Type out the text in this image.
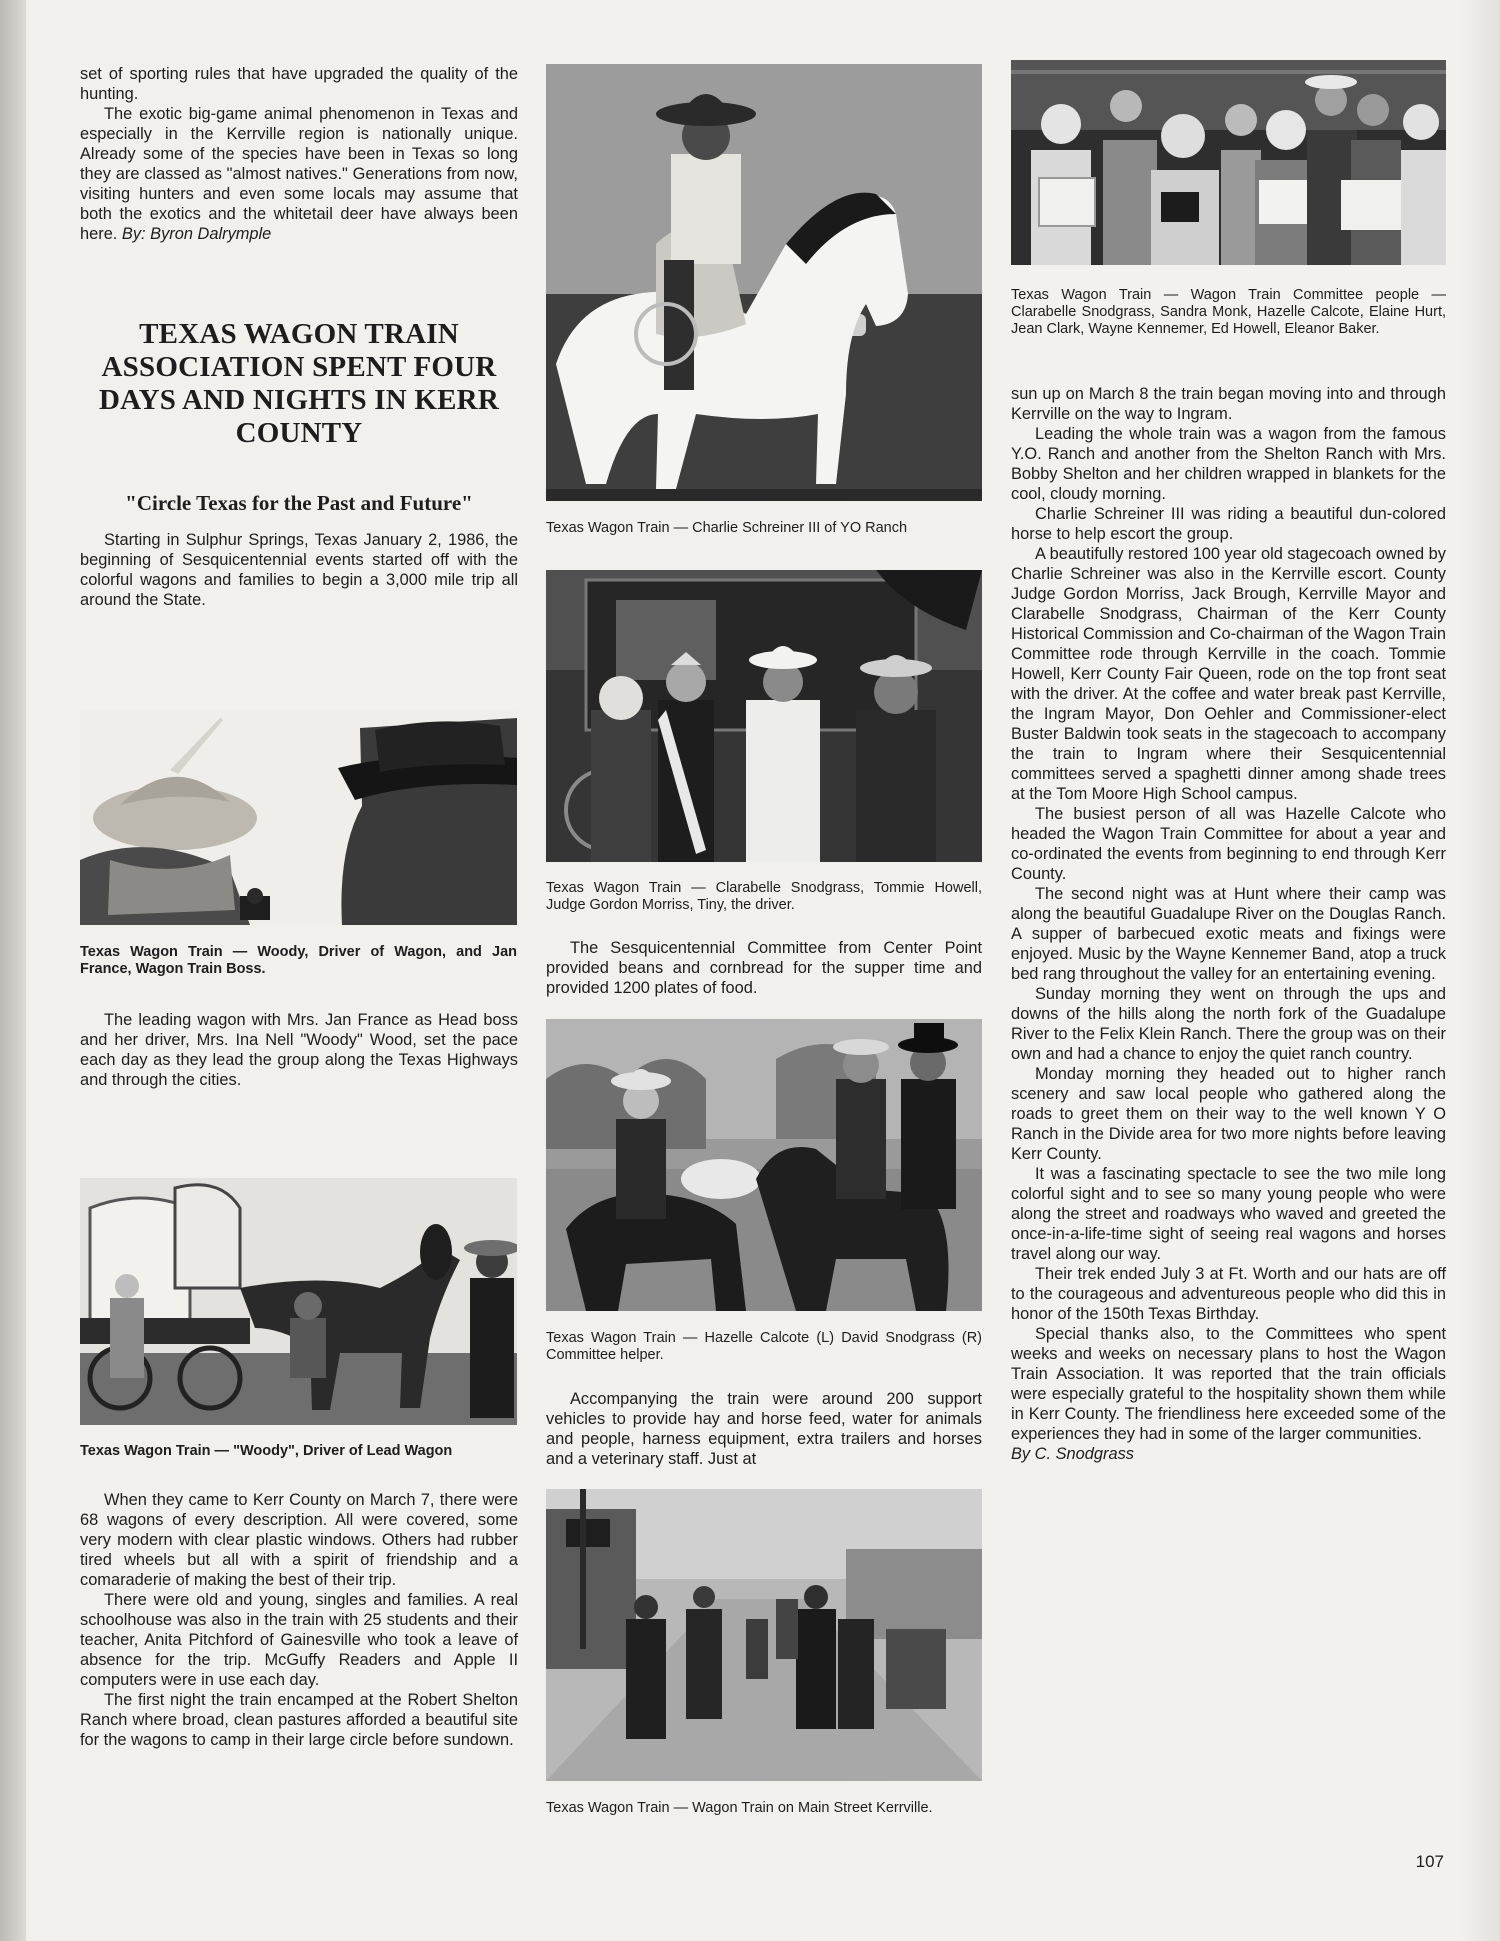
set of sporting rules that have upgraded the quality of the hunting.

The exotic big-game animal phenomenon in Texas and especially in the Kerrville region is nationally unique. Already some of the species have been in Texas so long they are classed as "almost natives." Generations from now, visiting hunters and even some locals may assume that both the exotics and the whitetail deer have always been here. By: Byron Dalrymple

TEXAS WAGON TRAIN ASSOCIATION SPENT FOUR DAYS AND NIGHTS IN KERR COUNTY
"Circle Texas for the Past and Future"

Starting in Sulphur Springs, Texas January 2, 1986, the beginning of Sesquicentennial events started off with the colorful wagons and families to begin a 3,000 mile trip all around the State.

Texas Wagon Train — Woody, Driver of Wagon, and Jan France, Wagon Train Boss.

The leading wagon with Mrs. Jan France as Head boss and her driver, Mrs. Ina Nell "Woody" Wood, set the pace each day as they lead the group along the Texas Highways and through the cities.

Texas Wagon Train — "Woody", Driver of Lead Wagon

When they came to Kerr County on March 7, there were 68 wagons of every description. All were covered, some very modern with clear plastic windows. Others had rubber tired wheels but all with a spirit of friendship and a comaraderie of making the best of their trip.

There were old and young, singles and families. A real schoolhouse was also in the train with 25 students and their teacher, Anita Pitchford of Gainesville who took a leave of absence for the trip. McGuffy Readers and Apple II computers were in use each day.

The first night the train encamped at the Robert Shelton Ranch where broad, clean pastures afforded a beautiful site for the wagons to camp in their large circle before sundown.

Texas Wagon Train — Charlie Schreiner III of YO Ranch

Texas Wagon Train — Clarabelle Snodgrass, Tommie Howell, Judge Gordon Morriss, Tiny, the driver.

The Sesquicentennial Committee from Center Point provided beans and cornbread for the supper time and provided 1200 plates of food.

Texas Wagon Train — Hazelle Calcote (L) David Snodgrass (R) Committee helper.

Accompanying the train were around 200 support vehicles to provide hay and horse feed, water for animals and people, harness equipment, extra trailers and horses and a veterinary staff. Just at

Texas Wagon Train — Wagon Train on Main Street Kerrville.

Texas Wagon Train — Wagon Train Committee people — Clarabelle Snodgrass, Sandra Monk, Hazelle Calcote, Elaine Hurt, Jean Clark, Wayne Kennemer, Ed Howell, Eleanor Baker.

sun up on March 8 the train began moving into and through Kerrville on the way to Ingram.

Leading the whole train was a wagon from the famous Y.O. Ranch and another from the Shelton Ranch with Mrs. Bobby Shelton and her children wrapped in blankets for the cool, cloudy morning.

Charlie Schreiner III was riding a beautiful dun-colored horse to help escort the group.

A beautifully restored 100 year old stagecoach owned by Charlie Schreiner was also in the Kerrville escort. County Judge Gordon Morriss, Jack Brough, Kerrville Mayor and Clarabelle Snodgrass, Chairman of the Kerr County Historical Commission and Co-chairman of the Wagon Train Committee rode through Kerrville in the coach. Tommie Howell, Kerr County Fair Queen, rode on the top front seat with the driver. At the coffee and water break past Kerrville, the Ingram Mayor, Don Oehler and Commissioner-elect Buster Baldwin took seats in the stagecoach to accompany the train to Ingram where their Sesquicentennial committees served a spaghetti dinner among shade trees at the Tom Moore High School campus.

The busiest person of all was Hazelle Calcote who headed the Wagon Train Committee for about a year and co-ordinated the events from beginning to end through Kerr County.

The second night was at Hunt where their camp was along the beautiful Guadalupe River on the Douglas Ranch. A supper of barbecued exotic meats and fixings were enjoyed. Music by the Wayne Kennemer Band, atop a truck bed rang throughout the valley for an entertaining evening.

Sunday morning they went on through the ups and downs of the hills along the north fork of the Guadalupe River to the Felix Klein Ranch. There the group was on their own and had a chance to enjoy the quiet ranch country.

Monday morning they headed out to higher ranch scenery and saw local people who gathered along the roads to greet them on their way to the well known Y O Ranch in the Divide area for two more nights before leaving Kerr County.

It was a fascinating spectacle to see the two mile long colorful sight and to see so many young people who were along the street and roadways who waved and greeted the once-in-a-life-time sight of seeing real wagons and horses travel along our way.

Their trek ended July 3 at Ft. Worth and our hats are off to the courageous and adventureous people who did this in honor of the 150th Texas Birthday.

Special thanks also, to the Committees who spent weeks and weeks on necessary plans to host the Wagon Train Association. It was reported that the train officials were especially grateful to the hospitality shown them while in Kerr County. The friendliness here exceeded some of the experiences they had in some of the larger communities.

By C. Snodgrass

107
